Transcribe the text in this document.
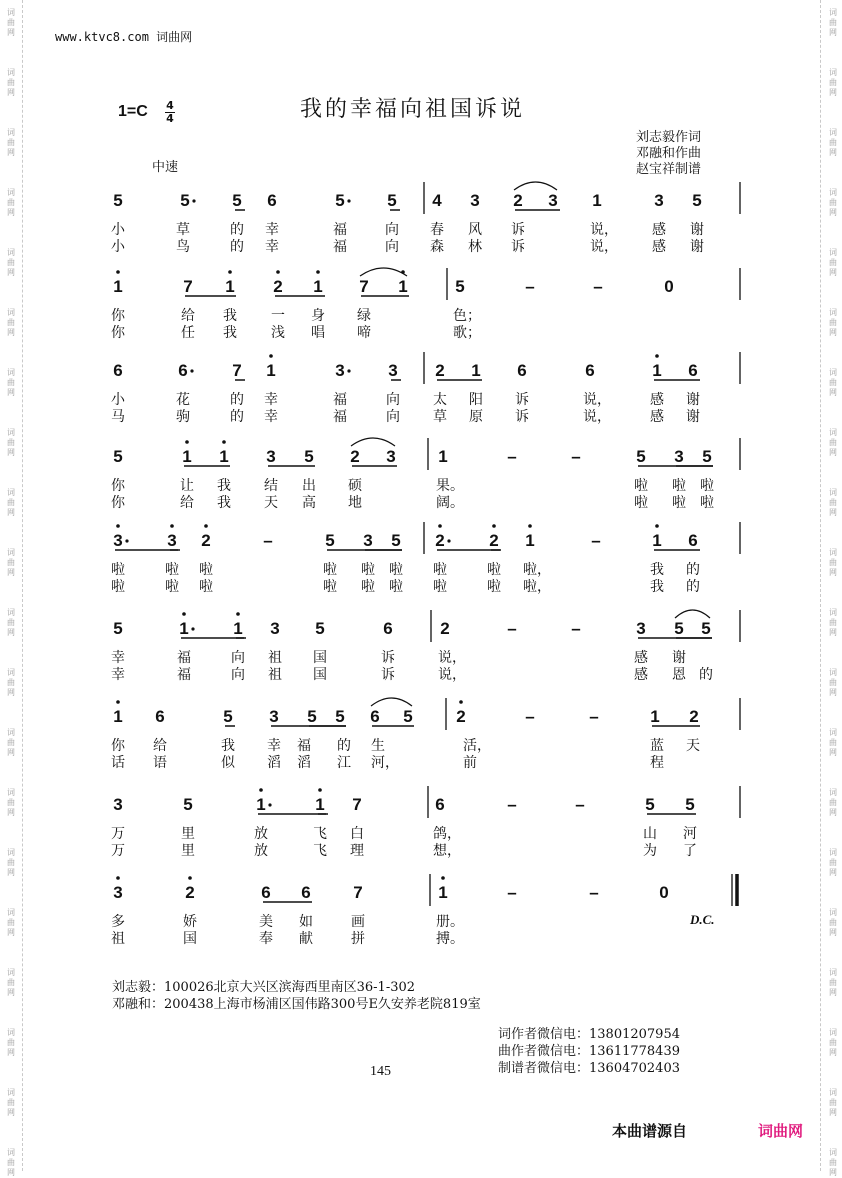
词
曲
网
词
曲
网
词
曲
网
词
曲
网
词
曲
网
词
曲
网
词
曲
网
词
曲
网
词
曲
网
词
曲
网
词
曲
网
词
曲
网
词
曲
网
词
曲
网
词
曲
网
词
曲
网
词
曲
网
词
曲
网
词
曲
网
词
曲
网
词
曲
网
词
曲
网
词
曲
网
词
曲
网
词
曲
网
词
曲
网
词
曲
网
词
曲
网
词
曲
网
词
曲
网
词
曲
网
词
曲
网
词
曲
网
词
曲
网
词
曲
网
词
曲
网
词
曲
网
词
曲
网
词
曲
网
词
曲
网
www.ktvc8.com 词曲网
1=C 4
4	我的幸福向祖国诉说
刘志毅作词
邓融和作曲
赵宝祥制谱
中速
5	5	5 6	5	5 4 3 2 3 1	3 5
小	草	的 幸	福	向 春 风 诉	说， 感 谢
小	鸟	的 幸	福	向 森 林 诉	说， 感 谢
1	7 1 2 1 7 1	5	–	–	0
你	给 我 一 身 绿	色；
你	任 我 浅 唱 啼	歌；
6	6	7 1	3	3 2 1 6	6	1 6
小	花	的 幸	福	向 太 阳 诉	说，	感 谢
马	驹	的 幸	福	向 草 原 诉	说，	感 谢
5	1 1 3 5 2 3	1	–	–	5 3 5
你	让 我 结 出 硕	果。	啦 啦 啦
你	给 我 天 高 地	阔。	啦 啦 啦
3	3 2	–	5 3 5 2	2 1	–	1 6
啦	啦 啦	啦 啦 啦 啦	啦 啦，	我 的
啦	啦 啦	啦 啦 啦 啦	啦 啦，	我 的
5	1	1 3 5	6	2	–	–	3 5 5
幸	福	向 祖 国	诉	说，	感 谢
幸	福	向 祖 国	诉	说，	感 恩 的
1 6	5 3 5 5 6 5	2	–	–	1 2
你 给	我 幸 福 的 生	活，	蓝 天
话 语	似 滔 滔 江 河，	前	程
3	5	1	1 7	6	–	–	5 5
万	里	放	飞 白	鸽，	山 河
万	里	放	飞 理	想，	为 了
3	2	6 6	7	1	–	–	0
多	娇	美 如	画	册。
祖	国	奉 献	拼	搏。
D.C.
刘志毅：100026北京大兴区滨海西里南区36-1-302
邓融和：200438上海市杨浦区国伟路300号E久安养老院819室
词作者微信电：13801207954
曲作者微信电：13611778439
制谱者微信电：13604702403
145
本曲谱源自	词曲网
